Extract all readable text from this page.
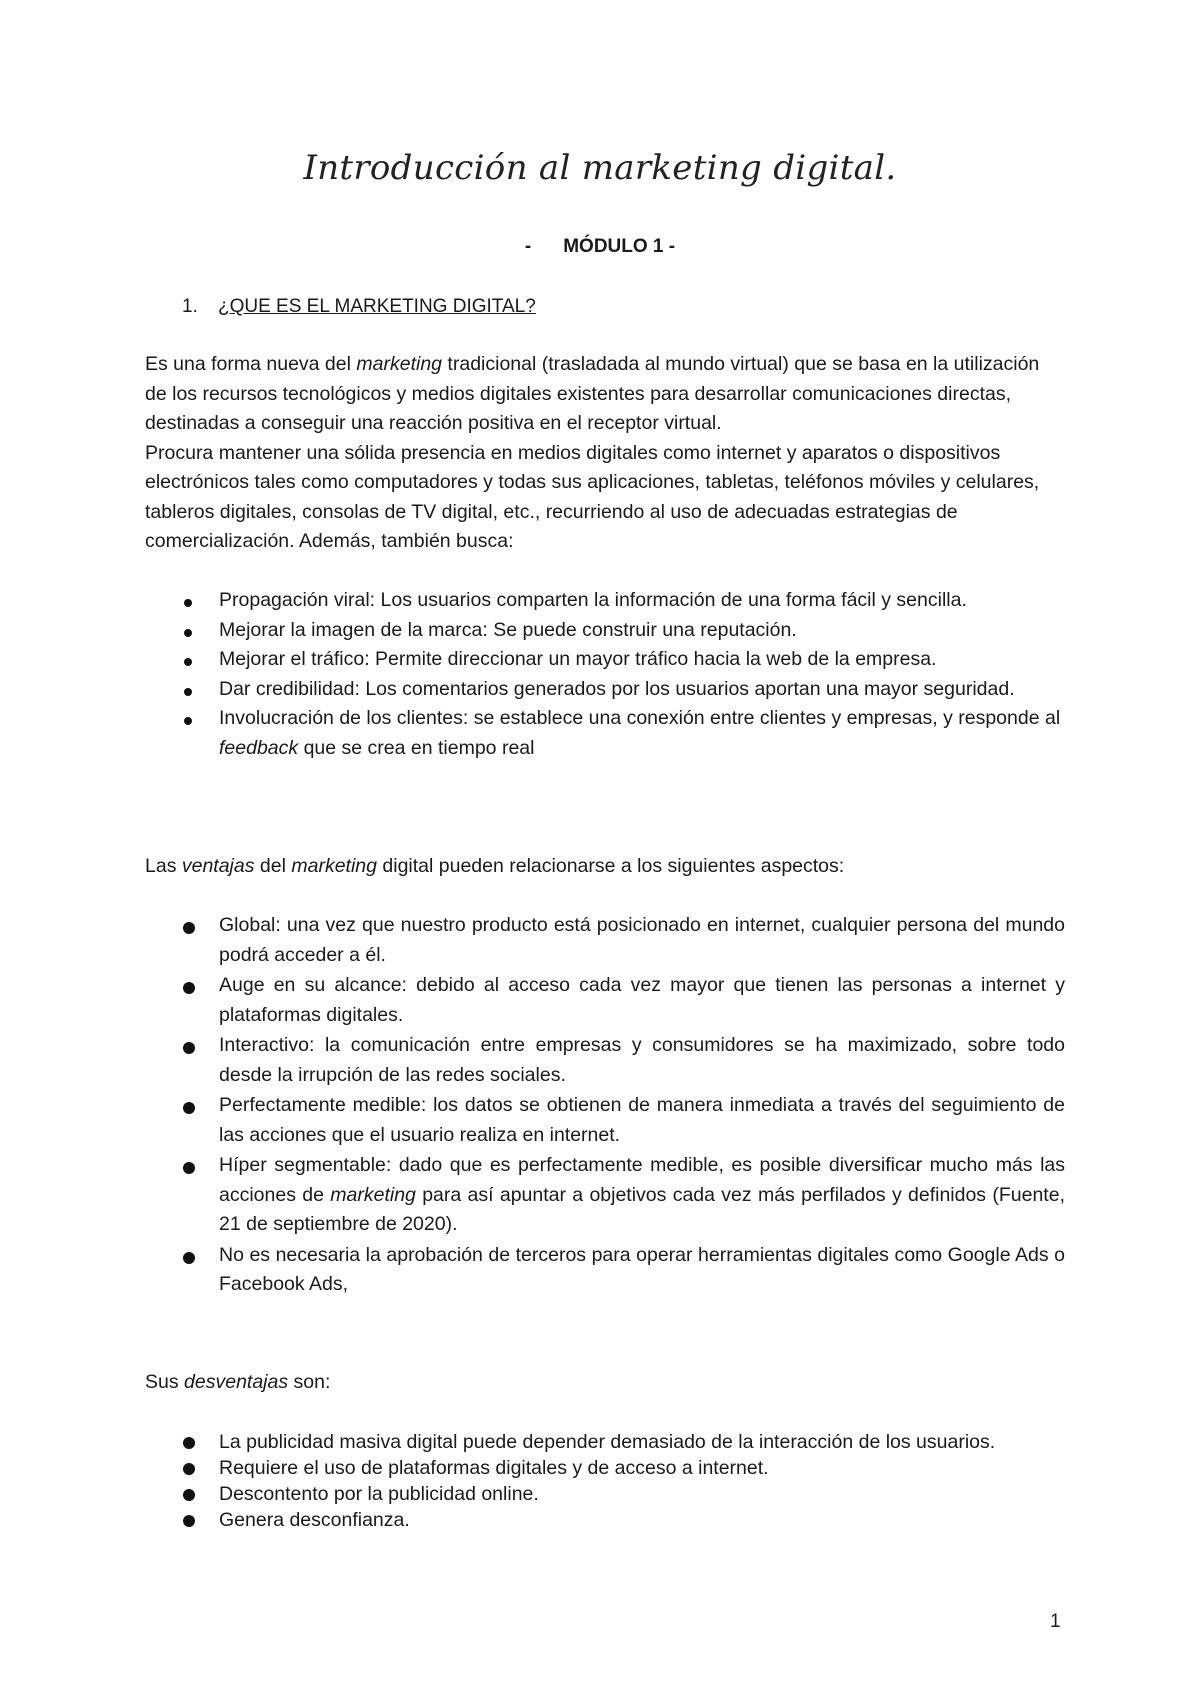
Introducción al marketing digital.
- MÓDULO 1 -
1. ¿QUE ES EL MARKETING DIGITAL?
Es una forma nueva del marketing tradicional (trasladada al mundo virtual) que se basa en la utilización de los recursos tecnológicos y medios digitales existentes para desarrollar comunicaciones directas, destinadas a conseguir una reacción positiva en el receptor virtual.
Procura mantener una sólida presencia en medios digitales como internet y aparatos o dispositivos electrónicos tales como computadores y todas sus aplicaciones, tabletas, teléfonos móviles y celulares, tableros digitales, consolas de TV digital, etc., recurriendo al uso de adecuadas estrategias de comercialización. Además, también busca:
Propagación viral: Los usuarios comparten la información de una forma fácil y sencilla.
Mejorar la imagen de la marca: Se puede construir una reputación.
Mejorar el tráfico: Permite direccionar un mayor tráfico hacia la web de la empresa.
Dar credibilidad: Los comentarios generados por los usuarios aportan una mayor seguridad.
Involucración de los clientes: se establece una conexión entre clientes y empresas, y responde al feedback que se crea en tiempo real
Las ventajas del marketing digital pueden relacionarse a los siguientes aspectos:
Global: una vez que nuestro producto está posicionado en internet, cualquier persona del mundo podrá acceder a él.
Auge en su alcance: debido al acceso cada vez mayor que tienen las personas a internet y plataformas digitales.
Interactivo: la comunicación entre empresas y consumidores se ha maximizado, sobre todo desde la irrupción de las redes sociales.
Perfectamente medible: los datos se obtienen de manera inmediata a través del seguimiento de las acciones que el usuario realiza en internet.
Híper segmentable: dado que es perfectamente medible, es posible diversificar mucho más las acciones de marketing para así apuntar a objetivos cada vez más perfilados y definidos (Fuente, 21 de septiembre de 2020).
No es necesaria la aprobación de terceros para operar herramientas digitales como Google Ads o Facebook Ads,
Sus desventajas son:
La publicidad masiva digital puede depender demasiado de la interacción de los usuarios.
Requiere el uso de plataformas digitales y de acceso a internet.
Descontento por la publicidad online.
Genera desconfianza.
1
